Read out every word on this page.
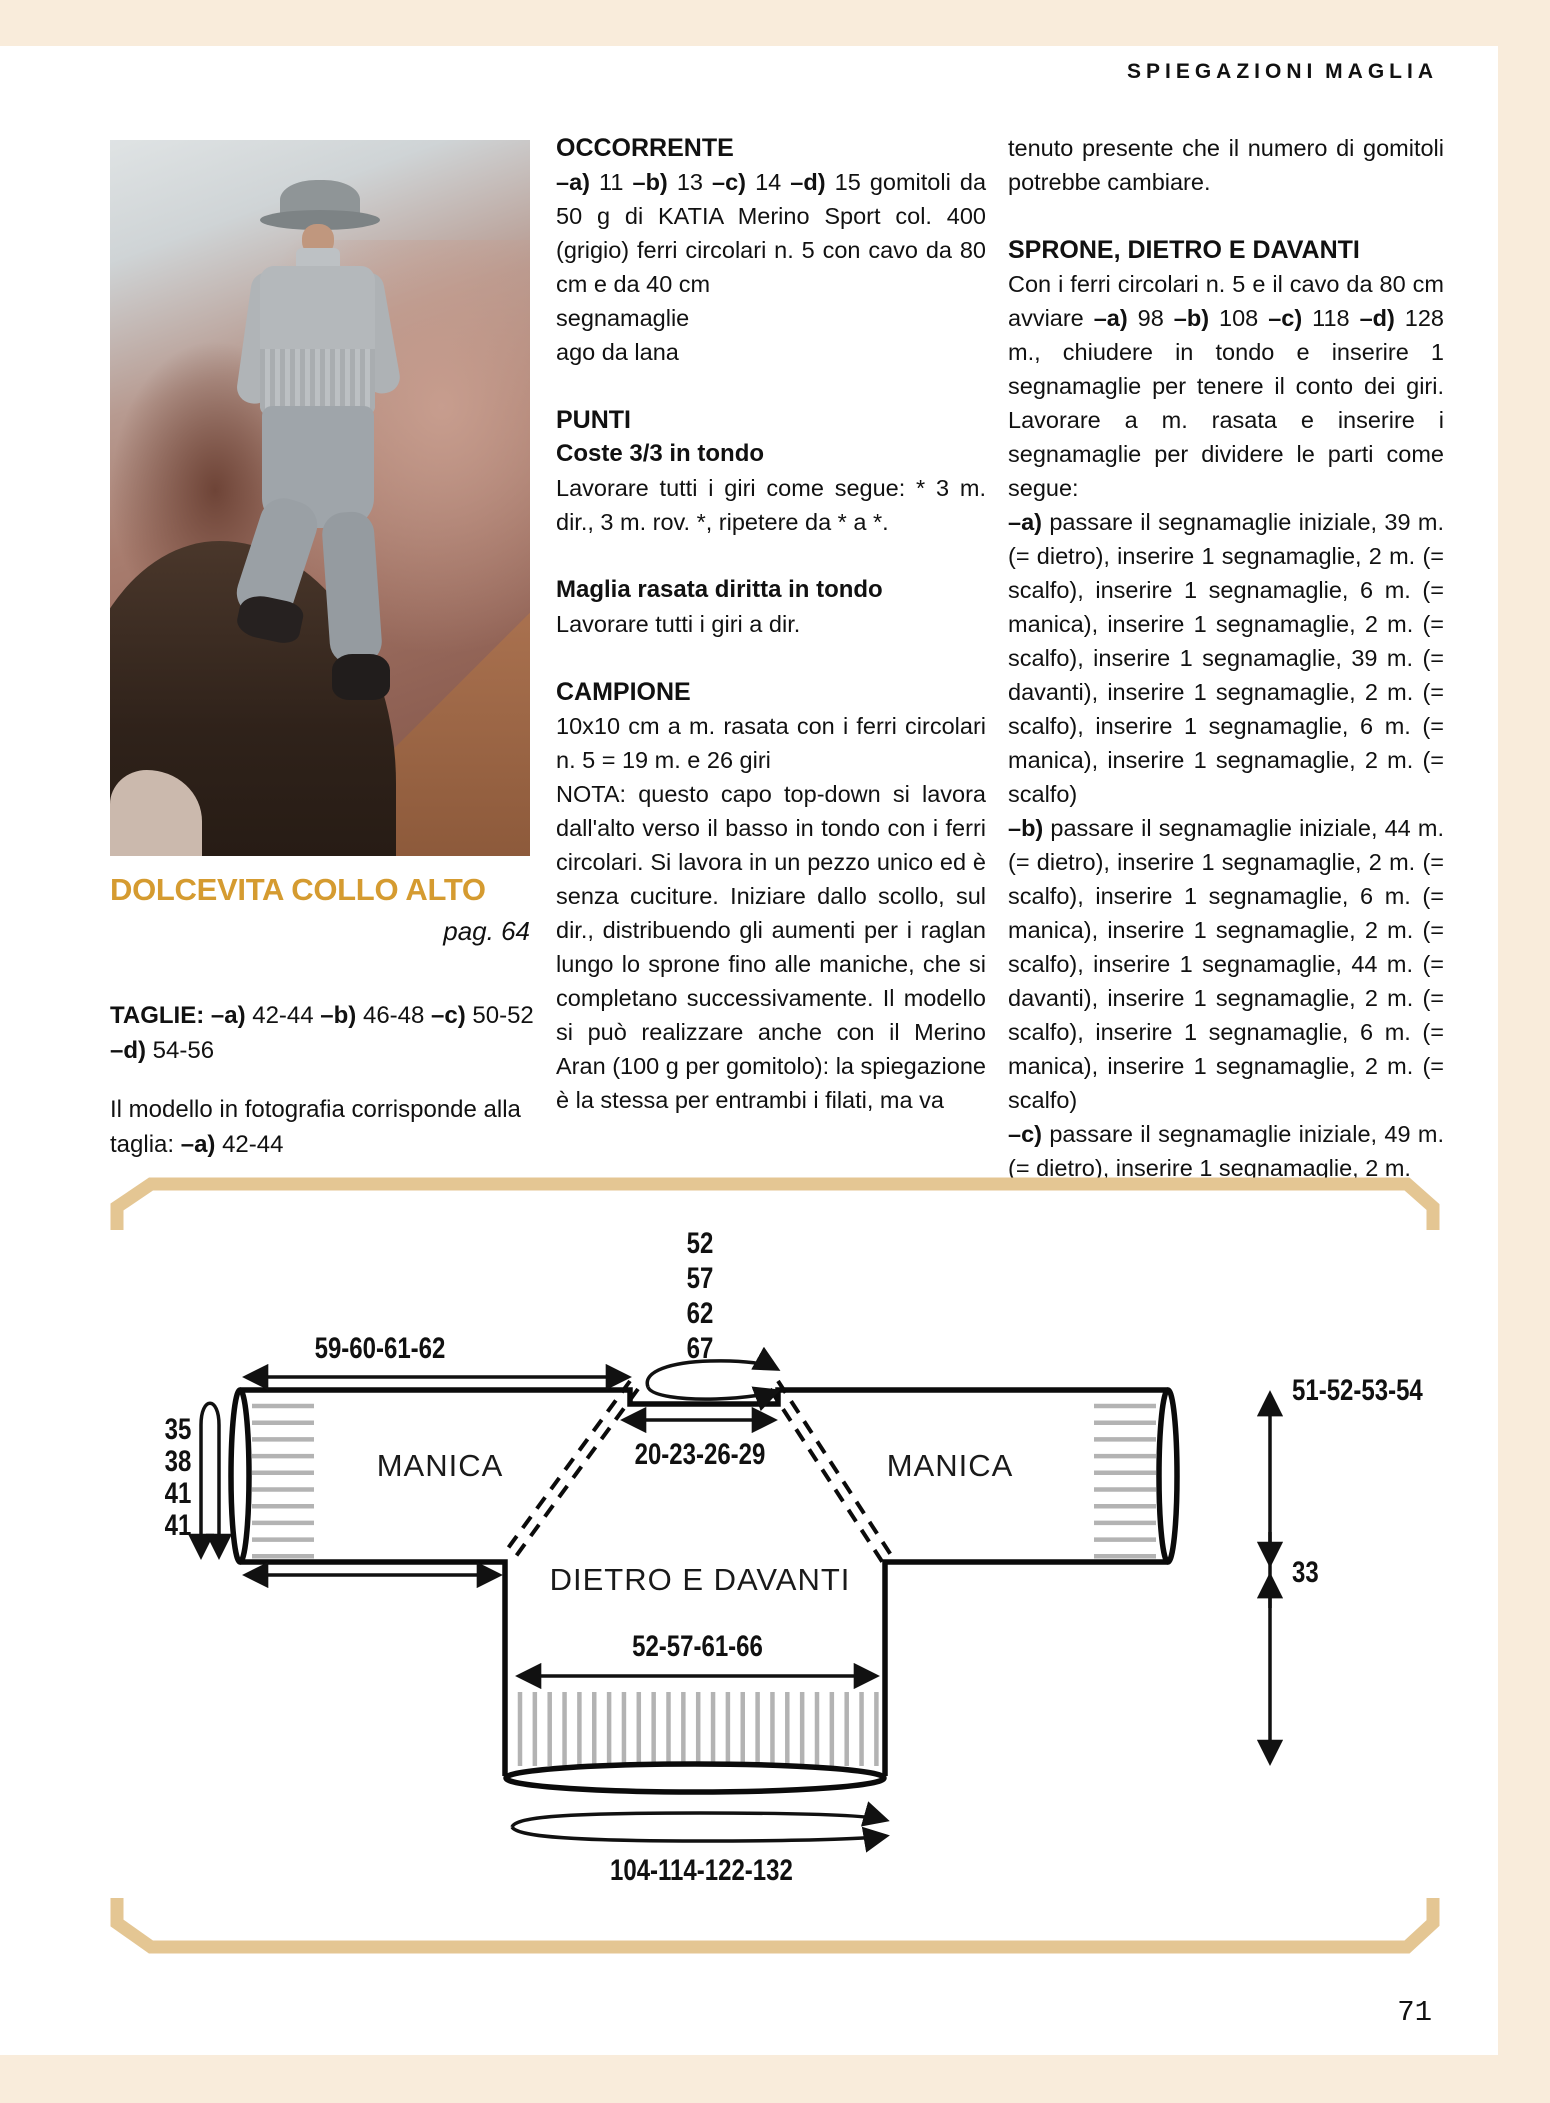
SPIEGAZIONI MAGLIA
DOLCEVITA COLLO ALTO
pag. 64

TAGLIE: –a) 42-44 –b) 46-48 –c) 50-52 –d) 54-56

Il modello in fotografia corrisponde alla taglia: –a) 42-44

OCCORRENTE

–a) 11 –b) 13 –c) 14 –d) 15 gomitoli da 50 g di KATIA Merino Sport col. 400 (grigio) ferri circolari n. 5 con cavo da 80 cm e da 40 cm

segnamaglie

ago da lana

PUNTI
Coste 3/3 in tondo

Lavorare tutti i giri come segue: * 3 m. dir., 3 m. rov. *, ripetere da * a *.

Maglia rasata diritta in tondo

Lavorare tutti i giri a dir.

CAMPIONE

10x10 cm a m. rasata con i ferri circolari n. 5 = 19 m. e 26 giri

NOTA: questo capo top-down si lavora dall'alto verso il basso in tondo con i ferri circolari. Si lavora in un pezzo unico ed è senza cuciture. Iniziare dallo scollo, sul dir., distribuendo gli aumenti per i raglan lungo lo sprone fino alle maniche, che si completano successivamente. Il modello si può realizzare anche con il Merino Aran (100 g per gomitolo): la spiegazione è la stessa per entrambi i filati, ma va

tenuto presente che il numero di gomitoli potrebbe cambiare.

SPRONE, DIETRO E DAVANTI

Con i ferri circolari n. 5 e il cavo da 80 cm avviare –a) 98 –b) 108 –c) 118 –d) 128 m., chiudere in tondo e inserire 1 segnamaglie per tenere il conto dei giri. Lavorare a m. rasata e inserire i segnamaglie per dividere le parti come segue:

–a) passare il segnamaglie iniziale, 39 m. (= dietro), inserire 1 segnamaglie, 2 m. (= scalfo), inserire 1 segnamaglie, 6 m. (= manica), inserire 1 segnamaglie, 2 m. (= scalfo), inserire 1 segnamaglie, 39 m. (= davanti), inserire 1 segnamaglie, 2 m. (= scalfo), inserire 1 segnamaglie, 6 m. (= manica), inserire 1 segnamaglie, 2 m. (= scalfo)

–b) passare il segnamaglie iniziale, 44 m. (= dietro), inserire 1 segnamaglie, 2 m. (= scalfo), inserire 1 segnamaglie, 6 m. (= manica), inserire 1 segnamaglie, 2 m. (= scalfo), inserire 1 segnamaglie, 44 m. (= davanti), inserire 1 segnamaglie, 2 m. (= scalfo), inserire 1 segnamaglie, 6 m. (= manica), inserire 1 segnamaglie, 2 m. (= scalfo)

–c) passare il segnamaglie iniziale, 49 m. (= dietro), inserire 1 segnamaglie, 2 m.

52
57
62
67
59-60-61-62
35
38
41
41
20-23-26-29
MANICA	MANICA
DIETRO E DAVANTI
52-57-61-66
51-52-53-54
33
104-114-122-132
71
